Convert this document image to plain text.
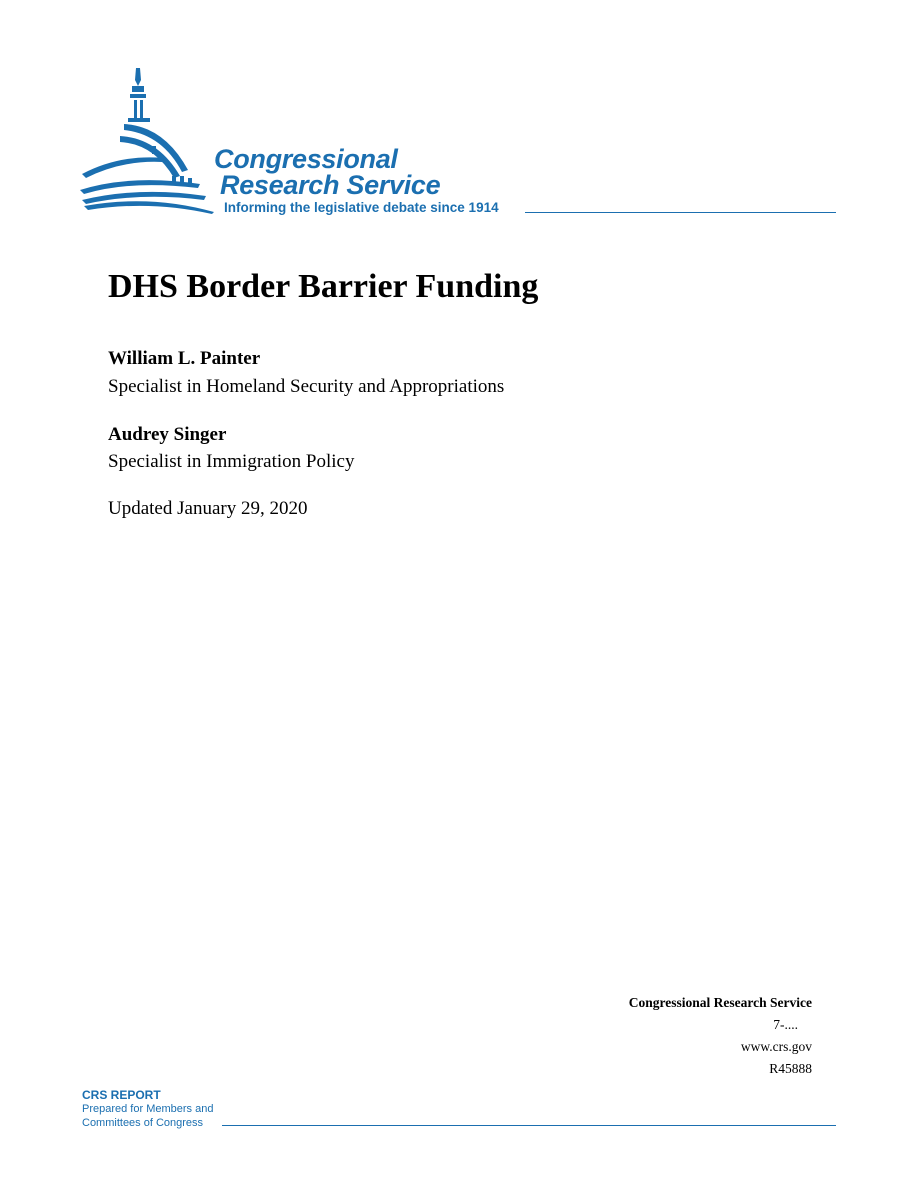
Congressional
Research Service
Informing the legislative debate since 1914
DHS Border Barrier Funding
William L. Painter
Specialist in Homeland Security and Appropriations
Audrey Singer
Specialist in Immigration Policy
Updated January 29, 2020
Congressional Research Service
7-....
www.crs.gov
R45888
CRS REPORT
Prepared for Members and
Committees of Congress
